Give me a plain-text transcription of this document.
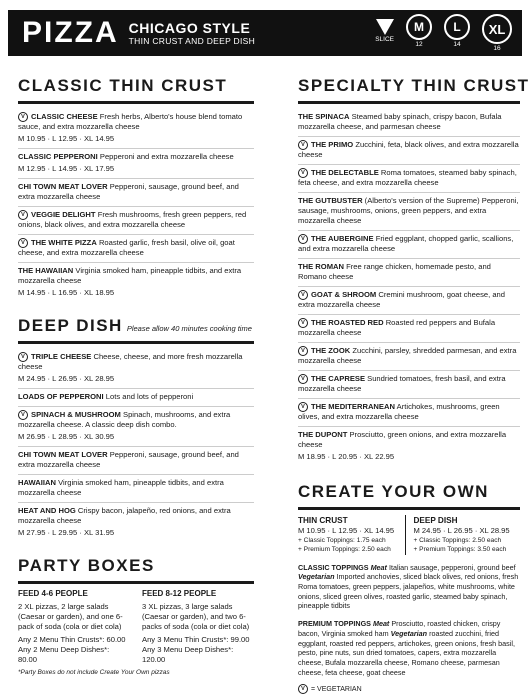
PIZZA CHICAGO STYLE
THIN CRUST AND DEEP DISH	SLICE
M
12
L
14
XL
16
CLASSIC THIN CRUST
V CLASSIC CHEESE Fresh herbs, Alberto's house blend tomato sauce, and extra mozzarella cheese
M 10.95 · L 12.95 · XL 14.95
CLASSIC PEPPERONI Pepperoni and extra mozzarella cheese
M 12.95 · L 14.95 · XL 17.95
CHI TOWN MEAT LOVER Pepperoni, sausage, ground beef, and extra mozzarella cheese
V VEGGIE DELIGHT Fresh mushrooms, fresh green peppers, red onions, black olives, and extra mozzarella cheese
V THE WHITE PIZZA Roasted garlic, fresh basil, olive oil, goat cheese, and extra mozzarella cheese
THE HAWAIIAN Virginia smoked ham, pineapple tidbits, and extra mozzarella cheese
M 14.95 · L 16.95 · XL 18.95
DEEP DISH Please allow 40 minutes cooking time
V TRIPLE CHEESE Cheese, cheese, and more fresh mozzarella cheese
M 24.95 · L 26.95 · XL 28.95
LOADS OF PEPPERONI Lots and lots of pepperoni
V SPINACH & MUSHROOM Spinach, mushrooms, and extra mozzarella cheese. A classic deep dish combo.
M 26.95 · L 28.95 · XL 30.95
CHI TOWN MEAT LOVER Pepperoni, sausage, ground beef, and extra mozzarella cheese
HAWAIIAN Virginia smoked ham, pineapple tidbits, and extra mozzarella cheese
HEAT AND HOG Crispy bacon, jalapeño, red onions, and extra mozzarella cheese
M 27.95 · L 29.95 · XL 31.95
PARTY BOXES
FEED 4-6 PEOPLE
2 XL pizzas, 2 large salads (Caesar or garden), and one 6-pack of soda (cola or diet cola)
Any 2 Menu Thin Crusts*: 60.00
Any 2 Menu Deep Dishes*: 80.00
FEED 8-12 PEOPLE
3 XL pizzas, 3 large salads (Caesar or garden), and two 6-packs of soda (cola or diet cola)
Any 3 Menu Thin Crusts*: 99.00
Any 3 Menu Deep Dishes*: 120.00
*Party Boxes do not include Create Your Own pizzas
SPECIALTY THIN CRUST
THE SPINACA Steamed baby spinach, crispy bacon, Bufala mozzarella cheese, and parmesan cheese
V THE PRIMO Zucchini, feta, black olives, and extra mozzarella cheese
V THE DELECTABLE Roma tomatoes, steamed baby spinach, feta cheese, and extra mozzarella cheese
THE GUTBUSTER (Alberto's version of the Supreme) Pepperoni, sausage, mushrooms, onions, green peppers, and extra mozzarella cheese
V THE AUBERGINE Fried eggplant, chopped garlic, scallions, and extra mozzarella cheese
THE ROMAN Free range chicken, homemade pesto, and Romano cheese
V GOAT & SHROOM Cremini mushroom, goat cheese, and extra mozzarella cheese
V THE ROASTED RED Roasted red peppers and Bufala mozzarella cheese
V THE ZOOK Zucchini, parsley, shredded parmesan, and extra mozzarella cheese
V THE CAPRESE Sundried tomatoes, fresh basil, and extra mozzarella cheese
V THE MEDITERRANEAN Artichokes, mushrooms, green olives, and extra mozzarella cheese
THE DUPONT Prosciutto, green onions, and extra mozzarella cheese
M 18.95 · L 20.95 · XL 22.95
CREATE YOUR OWN
THIN CRUST
M 10.95 · L 12.95 · XL 14.95
+ Classic Toppings: 1.75 each
+ Premium Toppings: 2.50 each
DEEP DISH
M 24.95 · L 26.95 · XL 28.95
+ Classic Toppings: 2.50 each
+ Premium Toppings: 3.50 each
CLASSIC TOPPINGS Meat Italian sausage, pepperoni, ground beef Vegetarian Imported anchovies, sliced black olives, red onions, fresh Roma tomatoes, green peppers, jalapeños, white mushrooms, white onions, sliced green olives, roasted garlic, steamed baby spinach, pineapple tidbits
PREMIUM TOPPINGS Meat Prosciutto, roasted chicken, crispy bacon, Virginia smoked ham Vegetarian roasted zucchini, fried eggplant, roasted red peppers, artichokes, green onions, fresh basil, pesto, pine nuts, sun dried tomatoes, capers, extra mozzarella cheese, Bufala mozzarella cheese, Romano cheese, parmesan cheese, feta cheese, goat cheese
V = VEGETARIAN
